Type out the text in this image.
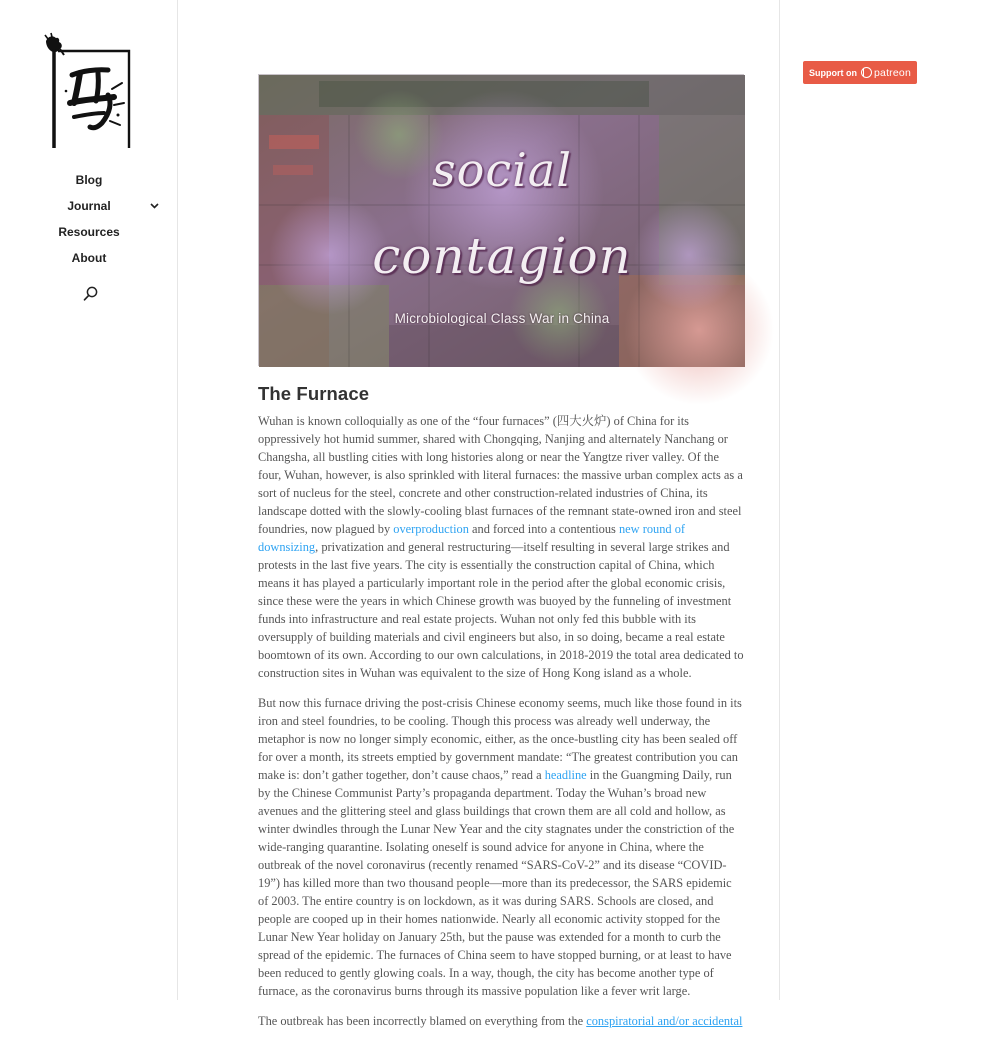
Blog
Journal
Resources
About
social
contagion
Microbiological Class War in China
The Furnace

Wuhan is known colloquially as one of the “four furnaces” (四大火炉) of China for its oppressively hot humid summer, shared with Chongqing, Nanjing and alternately Nanchang or Changsha, all bustling cities with long histories along or near the Yangtze river valley. Of the four, Wuhan, however, is also sprinkled with literal furnaces: the massive urban complex acts as a sort of nucleus for the steel, concrete and other construction-related industries of China, its landscape dotted with the slowly-cooling blast furnaces of the remnant state-owned iron and steel foundries, now plagued by overproduction and forced into a contentious new round of downsizing, privatization and general restructuring—itself resulting in several large strikes and protests in the last five years. The city is essentially the construction capital of China, which means it has played a particularly important role in the period after the global economic crisis, since these were the years in which Chinese growth was buoyed by the funneling of investment funds into infrastructure and real estate projects. Wuhan not only fed this bubble with its oversupply of building materials and civil engineers but also, in so doing, became a real estate boomtown of its own. According to our own calculations, in 2018-2019 the total area dedicated to construction sites in Wuhan was equivalent to the size of Hong Kong island as a whole.

But now this furnace driving the post-crisis Chinese economy seems, much like those found in its iron and steel foundries, to be cooling. Though this process was already well underway, the metaphor is now no longer simply economic, either, as the once-bustling city has been sealed off for over a month, its streets emptied by government mandate: “The greatest contribution you can make is: don’t gather together, don’t cause chaos,” read a headline in the Guangming Daily, run by the Chinese Communist Party’s propaganda department. Today the Wuhan’s broad new avenues and the glittering steel and glass buildings that crown them are all cold and hollow, as winter dwindles through the Lunar New Year and the city stagnates under the constriction of the wide-ranging quarantine. Isolating oneself is sound advice for anyone in China, where the outbreak of the novel coronavirus (recently renamed “SARS-CoV-2” and its disease “COVID-19”) has killed more than two thousand people—more than its predecessor, the SARS epidemic of 2003. The entire country is on lockdown, as it was during SARS. Schools are closed, and people are cooped up in their homes nationwide. Nearly all economic activity stopped for the Lunar New Year holiday on January 25th, but the pause was extended for a month to curb the spread of the epidemic. The furnaces of China seem to have stopped burning, or at least to have been reduced to gently glowing coals. In a way, though, the city has become another type of furnace, as the coronavirus burns through its massive population like a fever writ large.

The outbreak has been incorrectly blamed on everything from the conspiratorial and/or accidental

Support on patreon
